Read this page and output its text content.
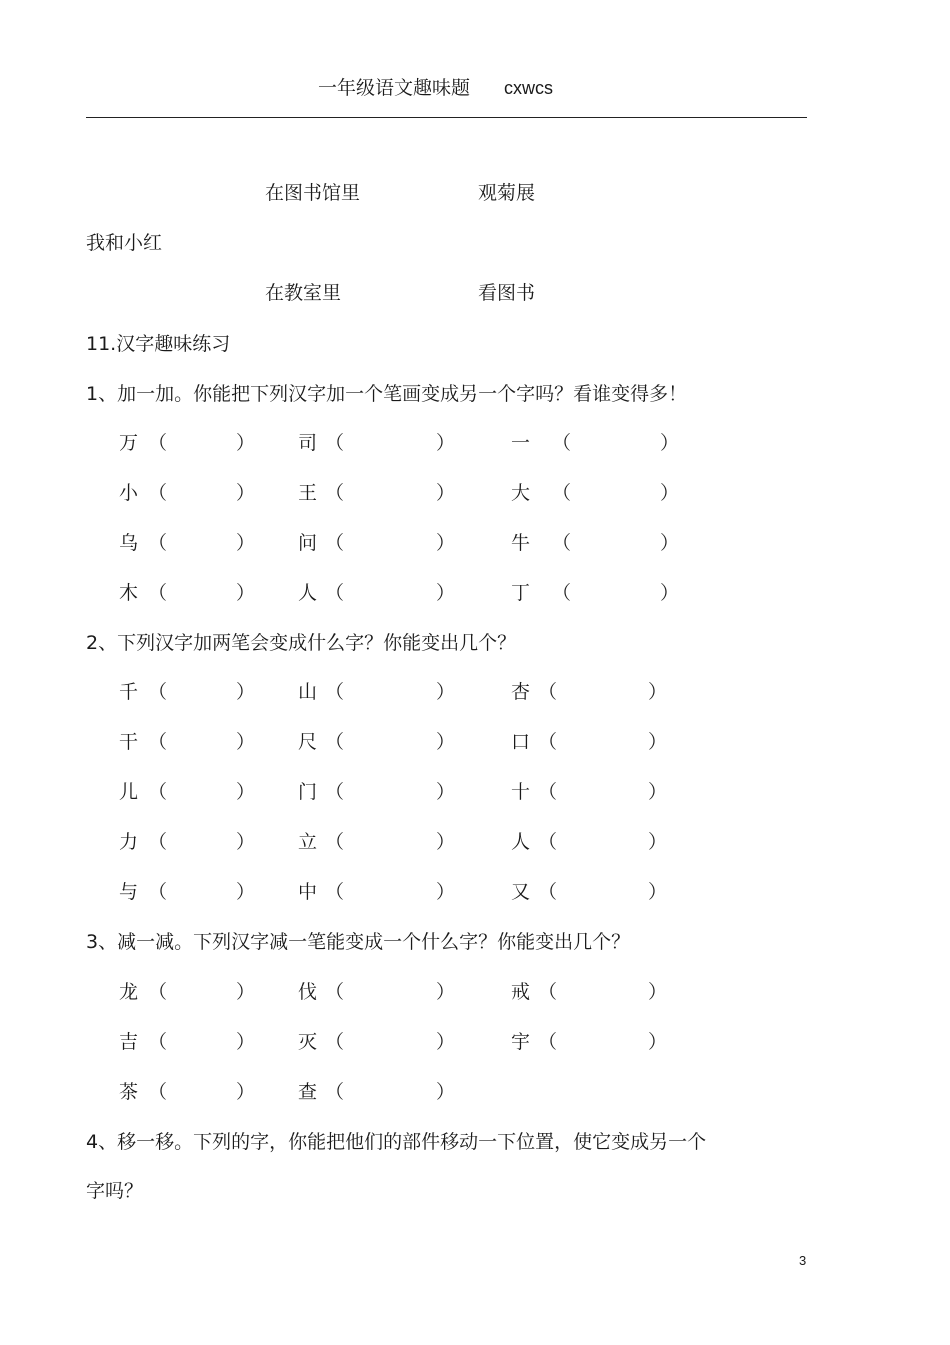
一年级语文趣味题 cxwcs
在图书馆里	观菊展
我和小红
在教室里	看图书
11.汉字趣味练习
1、加一加。你能把下列汉字加一个笔画变成另一个字吗？看谁变得多！
万 （	） 司 （	）	一 （	）
小 （	） 王 （	）	大 （	）
乌 （	） 问 （	）	牛 （	）
木 （	） 人 （	）	丁 （	）
2、下列汉字加两笔会变成什么字？你能变出几个？
千 （	） 山 （	）	杏 （	）
干 （	） 尺 （	）	口 （	）
儿 （	） 门 （	）	十 （	）
力 （	） 立 （	）	人 （	）
与 （	） 中 （	）	又 （	）
3、减一减。下列汉字减一笔能变成一个什么字？你能变出几个？
龙 （	） 伐 （	）	戒 （	）
吉 （	） 灭 （	）	宇 （	）
茶 （	） 查 （	）
4、移一移。下列的字，你能把他们的部件移动一下位置，使它变成另一个
字吗？
3
